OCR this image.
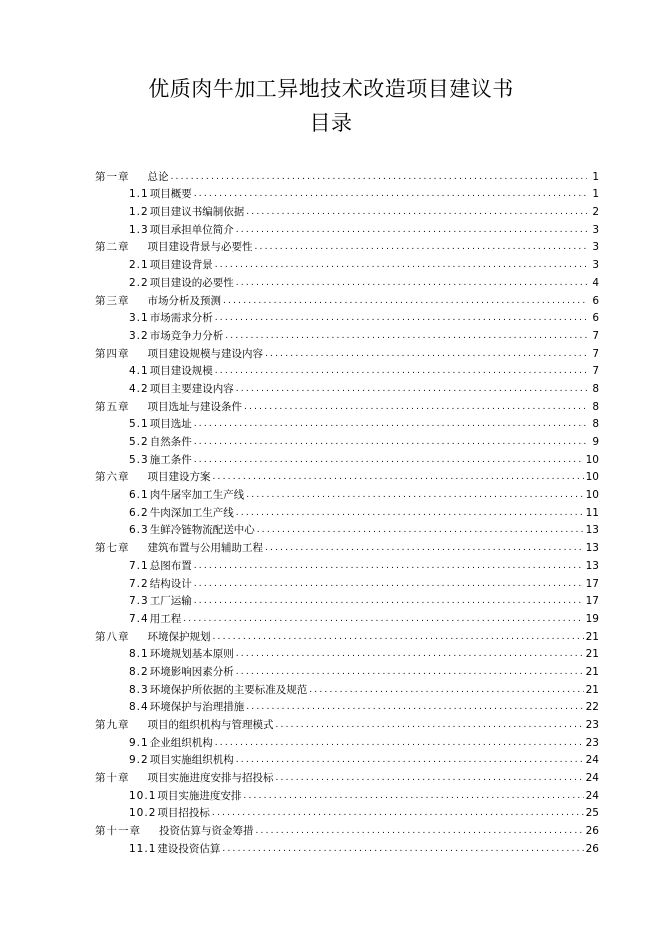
优质肉牛加工异地技术改造项目建议书
目录
第一章 总论 .....	1
1.1 项目概要 .....	1
1.2 项目建议书编制依据 .....	2
1.3 项目承担单位简介 .....	3
第二章 项目建设背景与必要性 .....	3
2.1 项目建设背景 .....	3
2.2 项目建设的必要性 .....	4
第三章 市场分析及预测 .....	6
3.1 市场需求分析 .....	6
3.2 市场竞争力分析 .....	7
第四章 项目建设规模与建设内容 .....	7
4.1 项目建设规模 .....	7
4.2 项目主要建设内容 .....	8
第五章 项目选址与建设条件 .....	8
5.1 项目选址 .....	8
5.2 自然条件 .....	9
5.3 施工条件 .....	10
第六章 项目建设方案 .....	10
6.1 肉牛屠宰加工生产线 .....	10
6.2 牛肉深加工生产线 .....	11
6.3 生鲜冷链物流配送中心 .....	13
第七章 建筑布置与公用辅助工程 .....	13
7.1 总图布置 .....	13
7.2 结构设计 .....	17
7.3 工厂运输 .....	17
7.4 用工程 .....	19
第八章 环境保护规划 .....	21
8.1 环境规划基本原则 .....	21
8.2 环境影响因素分析 .....	21
8.3 环境保护所依据的主要标准及规范 .....	21
8.4 环境保护与治理措施 .....	22
第九章 项目的组织机构与管理模式 .....	23
9.1 企业组织机构 .....	23
9.2 项目实施组织机构 .....	24
第十章 项目实施进度安排与招投标 .....	24
10.1 项目实施进度安排 .....	24
10.2 项目招投标 .....	25
第十一章 投资估算与资金筹措 .....	26
11.1 建设投资估算 .....	26
